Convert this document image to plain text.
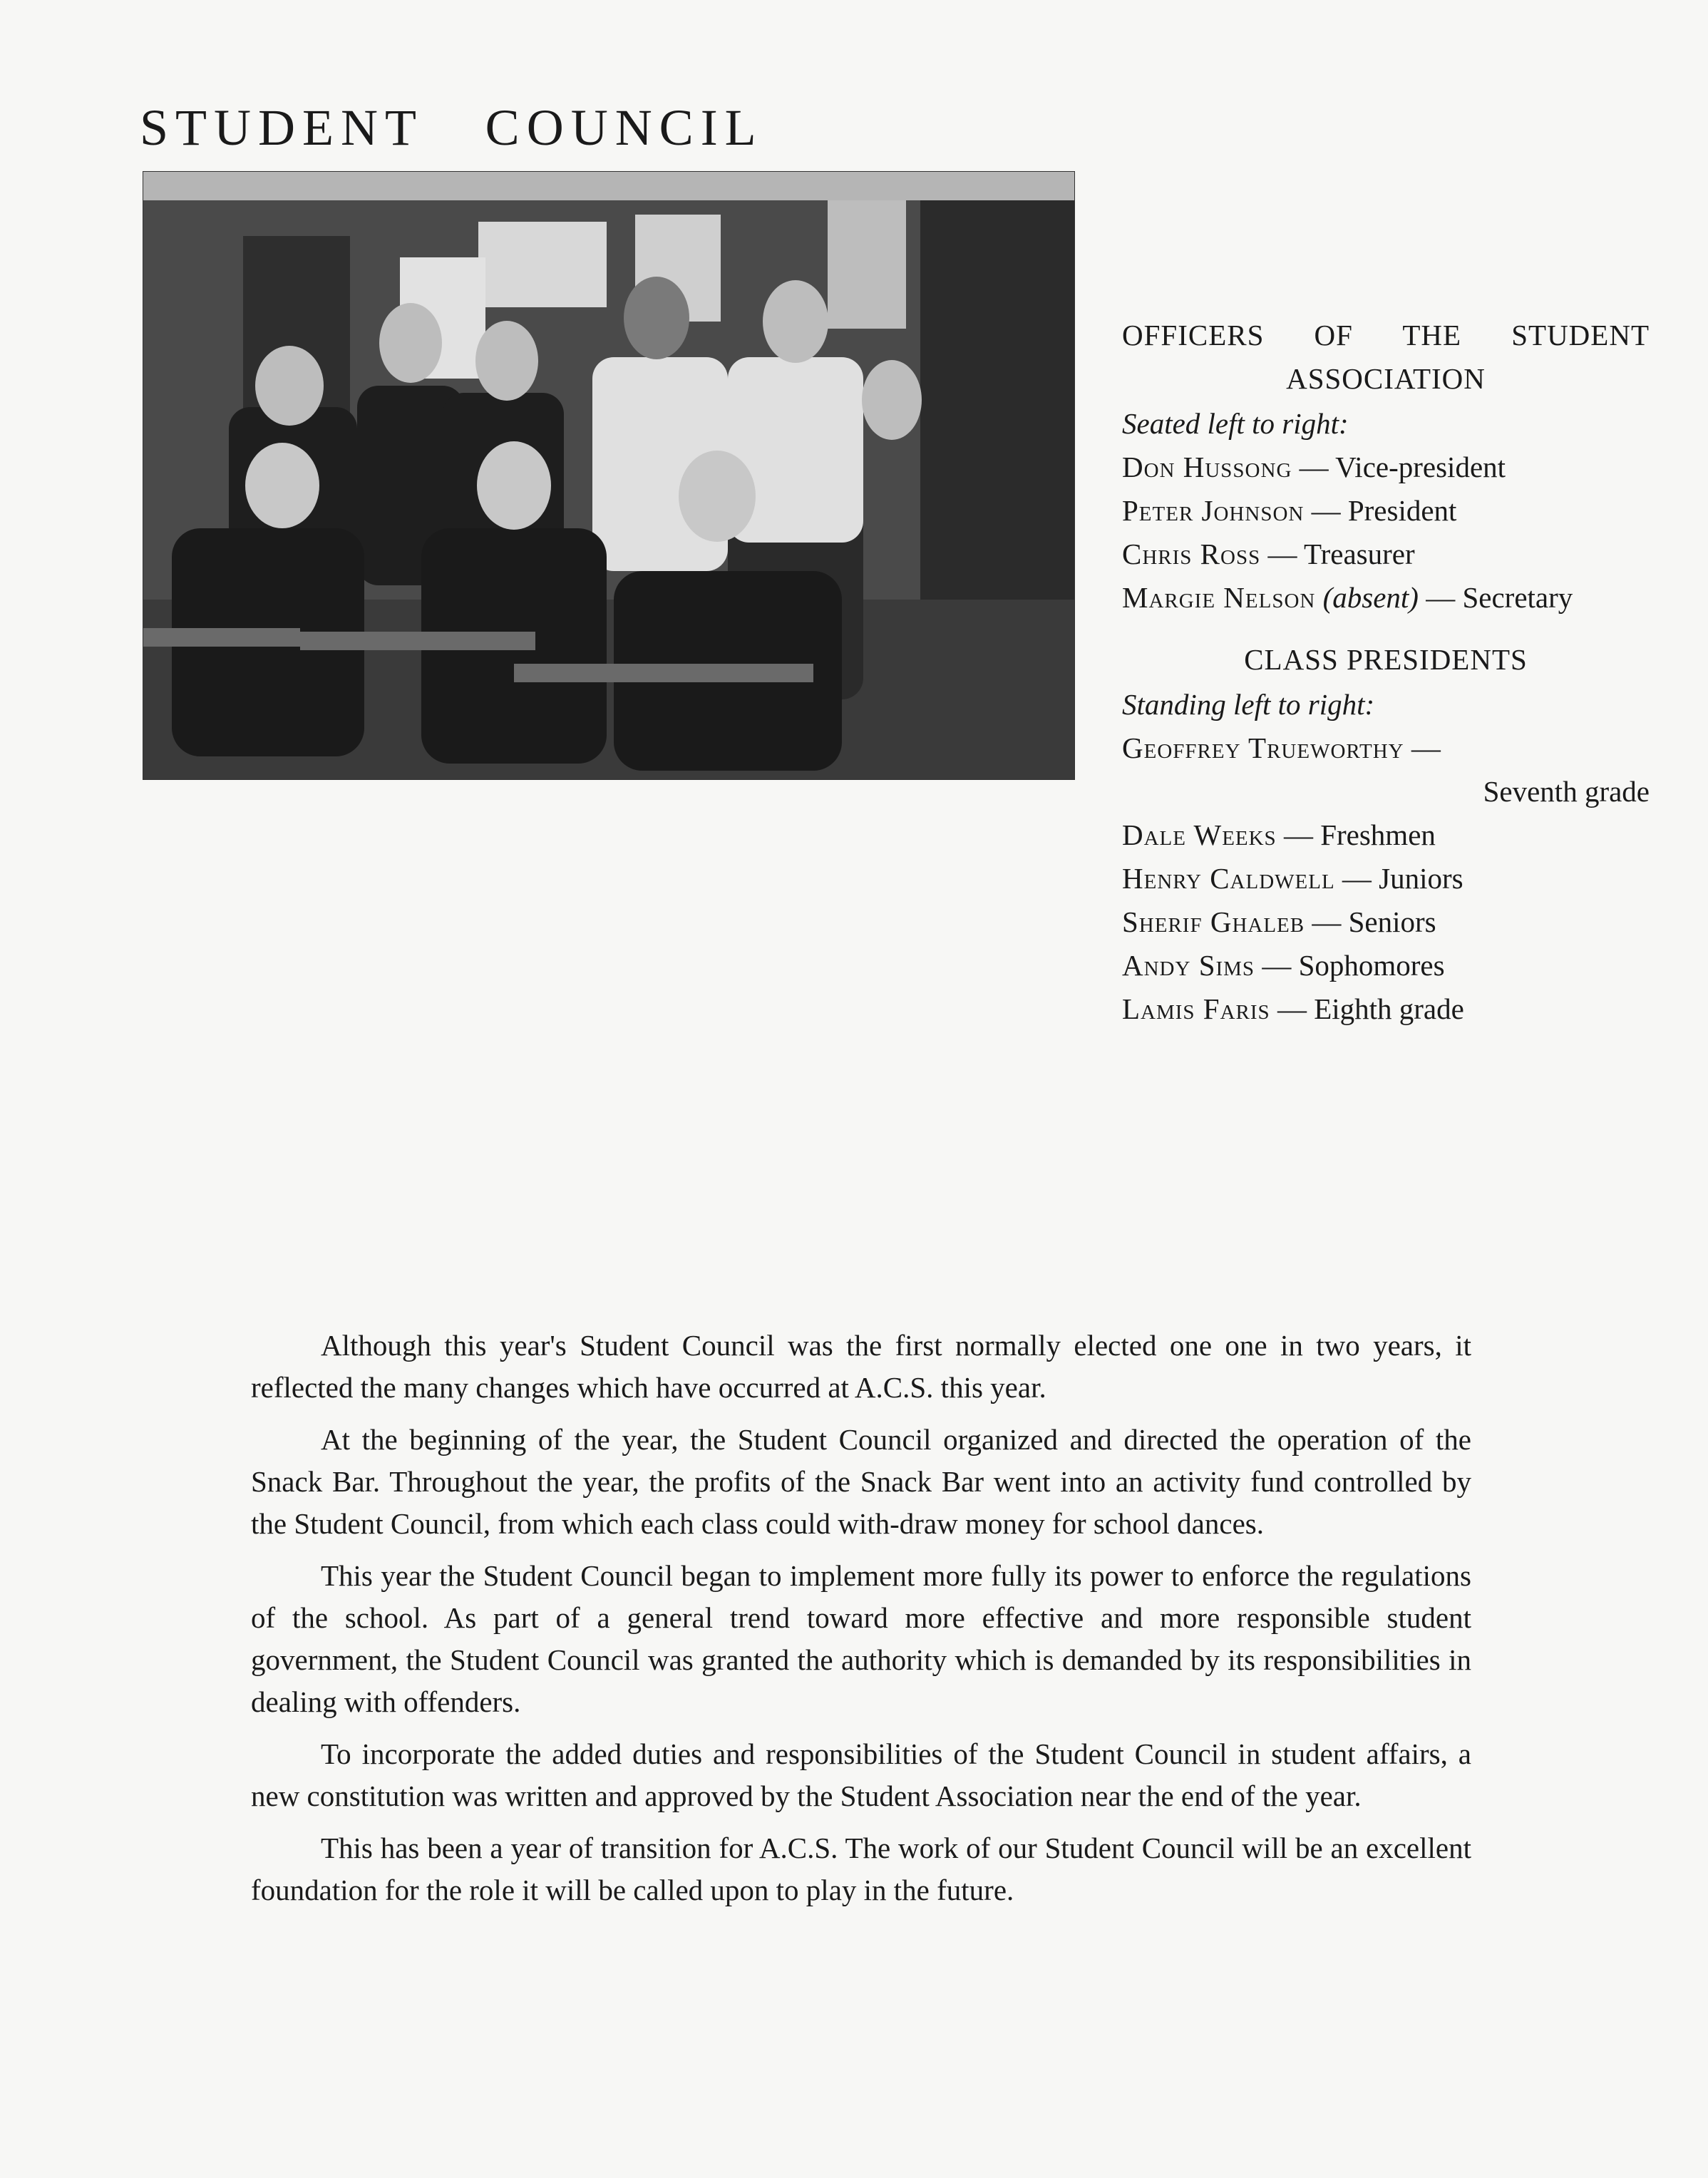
STUDENT COUNCIL

OFFICERS OF THE STUDENT

ASSOCIATION

Seated left to right:

Don Hussong — Vice-president

Peter Johnson — President

Chris Ross — Treasurer

Margie Nelson (absent) — Secretary

CLASS PRESIDENTS

Standing left to right:

Geoffrey Trueworthy —

Seventh grade

Dale Weeks — Freshmen

Henry Caldwell — Juniors

Sherif Ghaleb — Seniors

Andy Sims — Sophomores

Lamis Faris — Eighth grade

Although this year's Student Council was the first normally elected one one in two years, it reflected the many changes which have occurred at A.C.S. this year.

At the beginning of the year, the Student Council organized and directed the operation of the Snack Bar. Throughout the year, the profits of the Snack Bar went into an activity fund controlled by the Student Council, from which each class could with-draw money for school dances.

This year the Student Council began to implement more fully its power to enforce the regulations of the school. As part of a general trend toward more effective and more responsible student government, the Student Council was granted the authority which is demanded by its responsibilities in dealing with offenders.

To incorporate the added duties and responsibilities of the Student Council in student affairs, a new constitution was written and approved by the Student Association near the end of the year.

This has been a year of transition for A.C.S. The work of our Student Council will be an excellent foundation for the role it will be called upon to play in the future.
